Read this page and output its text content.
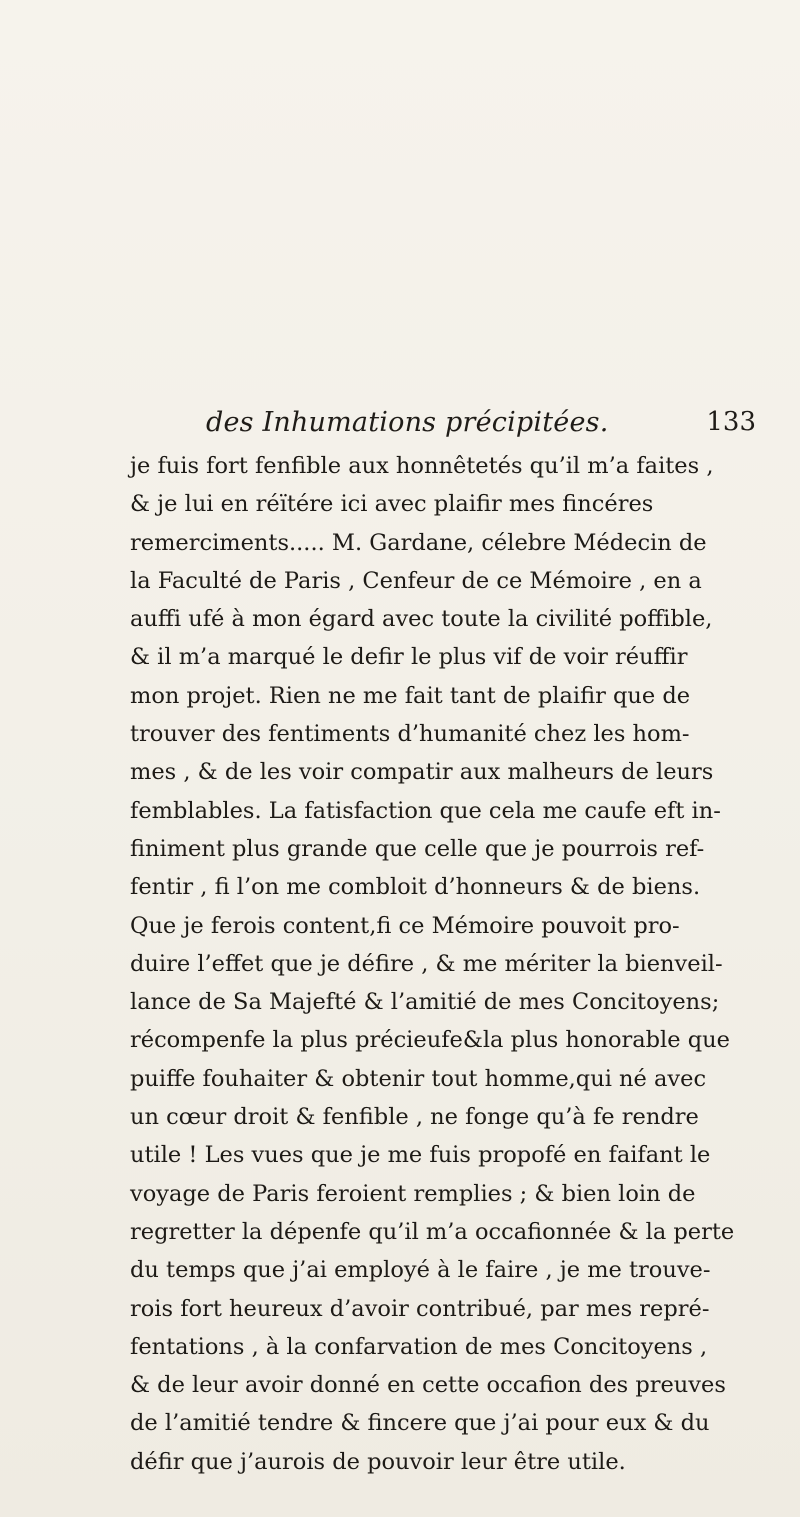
des Inhumations précipitées.	133
je fuis fort fenfible aux honnêtetés qu’il m’a faites ,
& je lui en réïtére ici avec plaifir mes fincéres
remerciments..... M. Gardane, célebre Médecin de
la Faculté de Paris , Cenfeur de ce Mémoire , en a
auffi ufé à mon égard avec toute la civilité poffible,
& il m’a marqué le defir le plus vif de voir réuffir
mon projet. Rien ne me fait tant de plaifir que de
trouver des fentiments d’humanité chez les hom-
mes , & de les voir compatir aux malheurs de leurs
femblables. La fatisfaction que cela me caufe eft in-
finiment plus grande que celle que je pourrois ref-
fentir , fi l’on me combloit d’honneurs & de biens.
Que je ferois content,fi ce Mémoire pouvoit pro-
duire l’effet que je défire , & me mériter la bienveil-
lance de Sa Majefté & l’amitié de mes Concitoyens;
récompenfe la plus précieufe&la plus honorable que
puiffe fouhaiter & obtenir tout homme,qui né avec
un cœur droit & fenfible , ne fonge qu’à fe rendre
utile ! Les vues que je me fuis propofé en faifant le
voyage de Paris feroient remplies ; & bien loin de
regretter la dépenfe qu’il m’a occafionnée & la perte
du temps que j’ai employé à le faire , je me trouve-
rois fort heureux d’avoir contribué, par mes repré-
fentations , à la confarvation de mes Concitoyens ,
& de leur avoir donné en cette occafion des preuves
de l’amitié tendre & fincere que j’ai pour eux & du
défir que j’aurois de pouvoir leur être utile.
